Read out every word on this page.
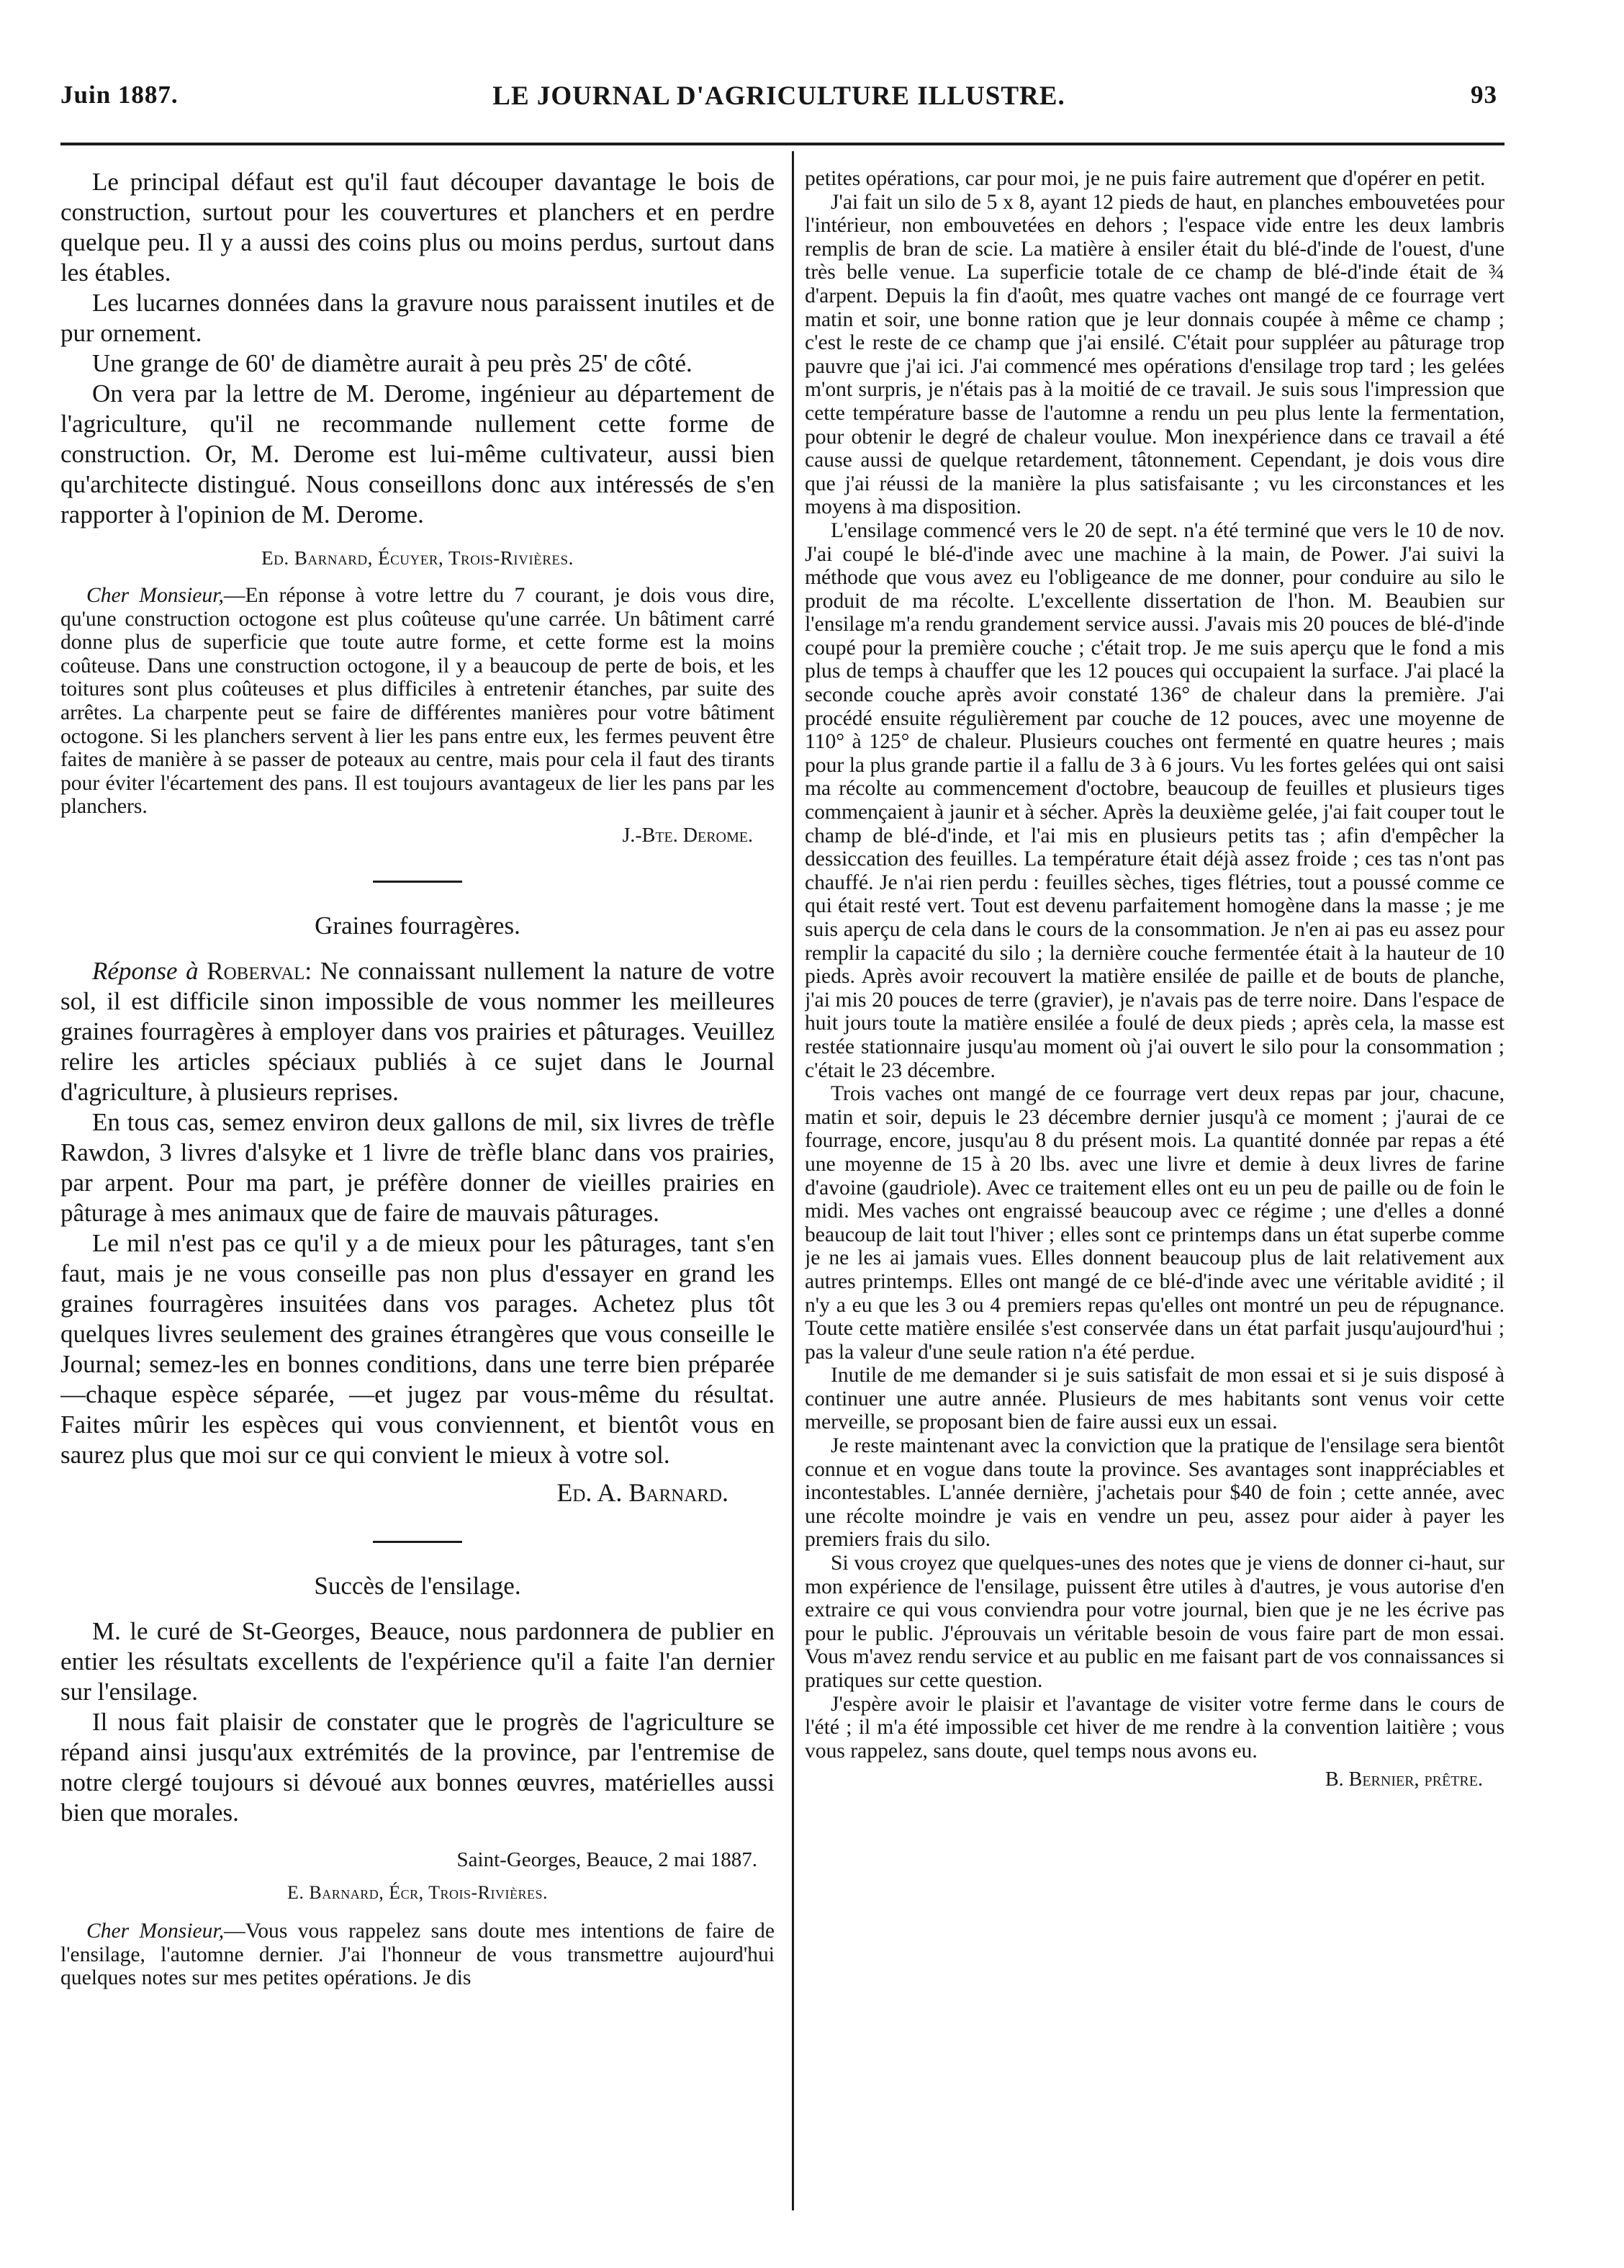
Juin 1887.	LE JOURNAL D'AGRICULTURE ILLUSTRE.	93

Le principal défaut est qu'il faut découper davantage le bois de construction, surtout pour les couvertures et planchers et en perdre quelque peu. Il y a aussi des coins plus ou moins perdus, surtout dans les étables.

Les lucarnes données dans la gravure nous paraissent inutiles et de pur ornement.

Une grange de 60' de diamètre aurait à peu près 25' de côté.

On vera par la lettre de M. Derome, ingénieur au département de l'agriculture, qu'il ne recommande nullement cette forme de construction. Or, M. Derome est lui-même cultivateur, aussi bien qu'architecte distingué. Nous conseillons donc aux intéressés de s'en rapporter à l'opinion de M. Derome.

Ed. Barnard, Écuyer, Trois-Rivières.

Cher Monsieur,—En réponse à votre lettre du 7 courant, je dois vous dire, qu'une construction octogone est plus coûteuse qu'une carrée. Un bâtiment carré donne plus de superficie que toute autre forme, et cette forme est la moins coûteuse. Dans une construction octogone, il y a beaucoup de perte de bois, et les toitures sont plus coûteuses et plus difficiles à entretenir étanches, par suite des arrêtes. La charpente peut se faire de différentes manières pour votre bâtiment octogone. Si les planchers servent à lier les pans entre eux, les fermes peuvent être faites de manière à se passer de poteaux au centre, mais pour cela il faut des tirants pour éviter l'écartement des pans. Il est toujours avantageux de lier les pans par les planchers.

J.-Bte. Derome.
Graines fourragères.

Réponse à Roberval: Ne connaissant nullement la nature de votre sol, il est difficile sinon impossible de vous nommer les meilleures graines fourragères à employer dans vos prairies et pâturages. Veuillez relire les articles spéciaux publiés à ce sujet dans le Journal d'agriculture, à plusieurs reprises.

En tous cas, semez environ deux gallons de mil, six livres de trèfle Rawdon, 3 livres d'alsyke et 1 livre de trèfle blanc dans vos prairies, par arpent. Pour ma part, je préfère donner de vieilles prairies en pâturage à mes animaux que de faire de mauvais pâturages.

Le mil n'est pas ce qu'il y a de mieux pour les pâturages, tant s'en faut, mais je ne vous conseille pas non plus d'essayer en grand les graines fourragères insuitées dans vos parages. Achetez plus tôt quelques livres seulement des graines étrangères que vous conseille le Journal; semez-les en bonnes conditions, dans une terre bien préparée—chaque espèce séparée, —et jugez par vous-même du résultat. Faites mûrir les espèces qui vous conviennent, et bientôt vous en saurez plus que moi sur ce qui convient le mieux à votre sol.

Ed. A. Barnard.
Succès de l'ensilage.

M. le curé de St-Georges, Beauce, nous pardonnera de publier en entier les résultats excellents de l'expérience qu'il a faite l'an dernier sur l'ensilage.

Il nous fait plaisir de constater que le progrès de l'agriculture se répand ainsi jusqu'aux extrémités de la province, par l'entremise de notre clergé toujours si dévoué aux bonnes œuvres, matérielles aussi bien que morales.

Saint-Georges, Beauce, 2 mai 1887.
E. Barnard, Écr, Trois-Rivières.

Cher Monsieur,—Vous vous rappelez sans doute mes intentions de faire de l'ensilage, l'automne dernier. J'ai l'honneur de vous transmettre aujourd'hui quelques notes sur mes petites opérations. Je dis

petites opérations, car pour moi, je ne puis faire autrement que d'opérer en petit.

J'ai fait un silo de 5 x 8, ayant 12 pieds de haut, en planches embouvetées pour l'intérieur, non embouvetées en dehors ; l'espace vide entre les deux lambris remplis de bran de scie. La matière à ensiler était du blé-d'inde de l'ouest, d'une très belle venue. La superficie totale de ce champ de blé-d'inde était de ¾ d'arpent. Depuis la fin d'août, mes quatre vaches ont mangé de ce fourrage vert matin et soir, une bonne ration que je leur donnais coupée à même ce champ ; c'est le reste de ce champ que j'ai ensilé. C'était pour suppléer au pâturage trop pauvre que j'ai ici. J'ai commencé mes opérations d'ensilage trop tard ; les gelées m'ont surpris, je n'étais pas à la moitié de ce travail. Je suis sous l'impression que cette température basse de l'automne a rendu un peu plus lente la fermentation, pour obtenir le degré de chaleur voulue. Mon inexpérience dans ce travail a été cause aussi de quelque retardement, tâtonnement. Cependant, je dois vous dire que j'ai réussi de la manière la plus satisfaisante ; vu les circonstances et les moyens à ma disposition.

L'ensilage commencé vers le 20 de sept. n'a été terminé que vers le 10 de nov. J'ai coupé le blé-d'inde avec une machine à la main, de Power. J'ai suivi la méthode que vous avez eu l'obligeance de me donner, pour conduire au silo le produit de ma récolte. L'excellente dissertation de l'hon. M. Beaubien sur l'ensilage m'a rendu grandement service aussi. J'avais mis 20 pouces de blé-d'inde coupé pour la première couche ; c'était trop. Je me suis aperçu que le fond a mis plus de temps à chauffer que les 12 pouces qui occupaient la surface. J'ai placé la seconde couche après avoir constaté 136° de chaleur dans la première. J'ai procédé ensuite régulièrement par couche de 12 pouces, avec une moyenne de 110° à 125° de chaleur. Plusieurs couches ont fermenté en quatre heures ; mais pour la plus grande partie il a fallu de 3 à 6 jours. Vu les fortes gelées qui ont saisi ma récolte au commencement d'octobre, beaucoup de feuilles et plusieurs tiges commençaient à jaunir et à sécher. Après la deuxième gelée, j'ai fait couper tout le champ de blé-d'inde, et l'ai mis en plusieurs petits tas ; afin d'empêcher la dessiccation des feuilles. La température était déjà assez froide ; ces tas n'ont pas chauffé. Je n'ai rien perdu : feuilles sèches, tiges flétries, tout a poussé comme ce qui était resté vert. Tout est devenu parfaitement homogène dans la masse ; je me suis aperçu de cela dans le cours de la consommation. Je n'en ai pas eu assez pour remplir la capacité du silo ; la dernière couche fermentée était à la hauteur de 10 pieds. Après avoir recouvert la matière ensilée de paille et de bouts de planche, j'ai mis 20 pouces de terre (gravier), je n'avais pas de terre noire. Dans l'espace de huit jours toute la matière ensilée a foulé de deux pieds ; après cela, la masse est restée stationnaire jusqu'au moment où j'ai ouvert le silo pour la consommation ; c'était le 23 décembre.

Trois vaches ont mangé de ce fourrage vert deux repas par jour, chacune, matin et soir, depuis le 23 décembre dernier jusqu'à ce moment ; j'aurai de ce fourrage, encore, jusqu'au 8 du présent mois. La quantité donnée par repas a été une moyenne de 15 à 20 lbs. avec une livre et demie à deux livres de farine d'avoine (gaudriole). Avec ce traitement elles ont eu un peu de paille ou de foin le midi. Mes vaches ont engraissé beaucoup avec ce régime ; une d'elles a donné beaucoup de lait tout l'hiver ; elles sont ce printemps dans un état superbe comme je ne les ai jamais vues. Elles donnent beaucoup plus de lait relativement aux autres printemps. Elles ont mangé de ce blé-d'inde avec une véritable avidité ; il n'y a eu que les 3 ou 4 premiers repas qu'elles ont montré un peu de répugnance. Toute cette matière ensilée s'est conservée dans un état parfait jusqu'aujourd'hui ; pas la valeur d'une seule ration n'a été perdue.

Inutile de me demander si je suis satisfait de mon essai et si je suis disposé à continuer une autre année. Plusieurs de mes habitants sont venus voir cette merveille, se proposant bien de faire aussi eux un essai.

Je reste maintenant avec la conviction que la pratique de l'ensilage sera bientôt connue et en vogue dans toute la province. Ses avantages sont inappréciables et incontestables. L'année dernière, j'achetais pour $40 de foin ; cette année, avec une récolte moindre je vais en vendre un peu, assez pour aider à payer les premiers frais du silo.

Si vous croyez que quelques-unes des notes que je viens de donner ci-haut, sur mon expérience de l'ensilage, puissent être utiles à d'autres, je vous autorise d'en extraire ce qui vous conviendra pour votre journal, bien que je ne les écrive pas pour le public. J'éprouvais un véritable besoin de vous faire part de mon essai. Vous m'avez rendu service et au public en me faisant part de vos connaissances si pratiques sur cette question.

J'espère avoir le plaisir et l'avantage de visiter votre ferme dans le cours de l'été ; il m'a été impossible cet hiver de me rendre à la convention laitière ; vous vous rappelez, sans doute, quel temps nous avons eu.

B. Bernier, prêtre.
